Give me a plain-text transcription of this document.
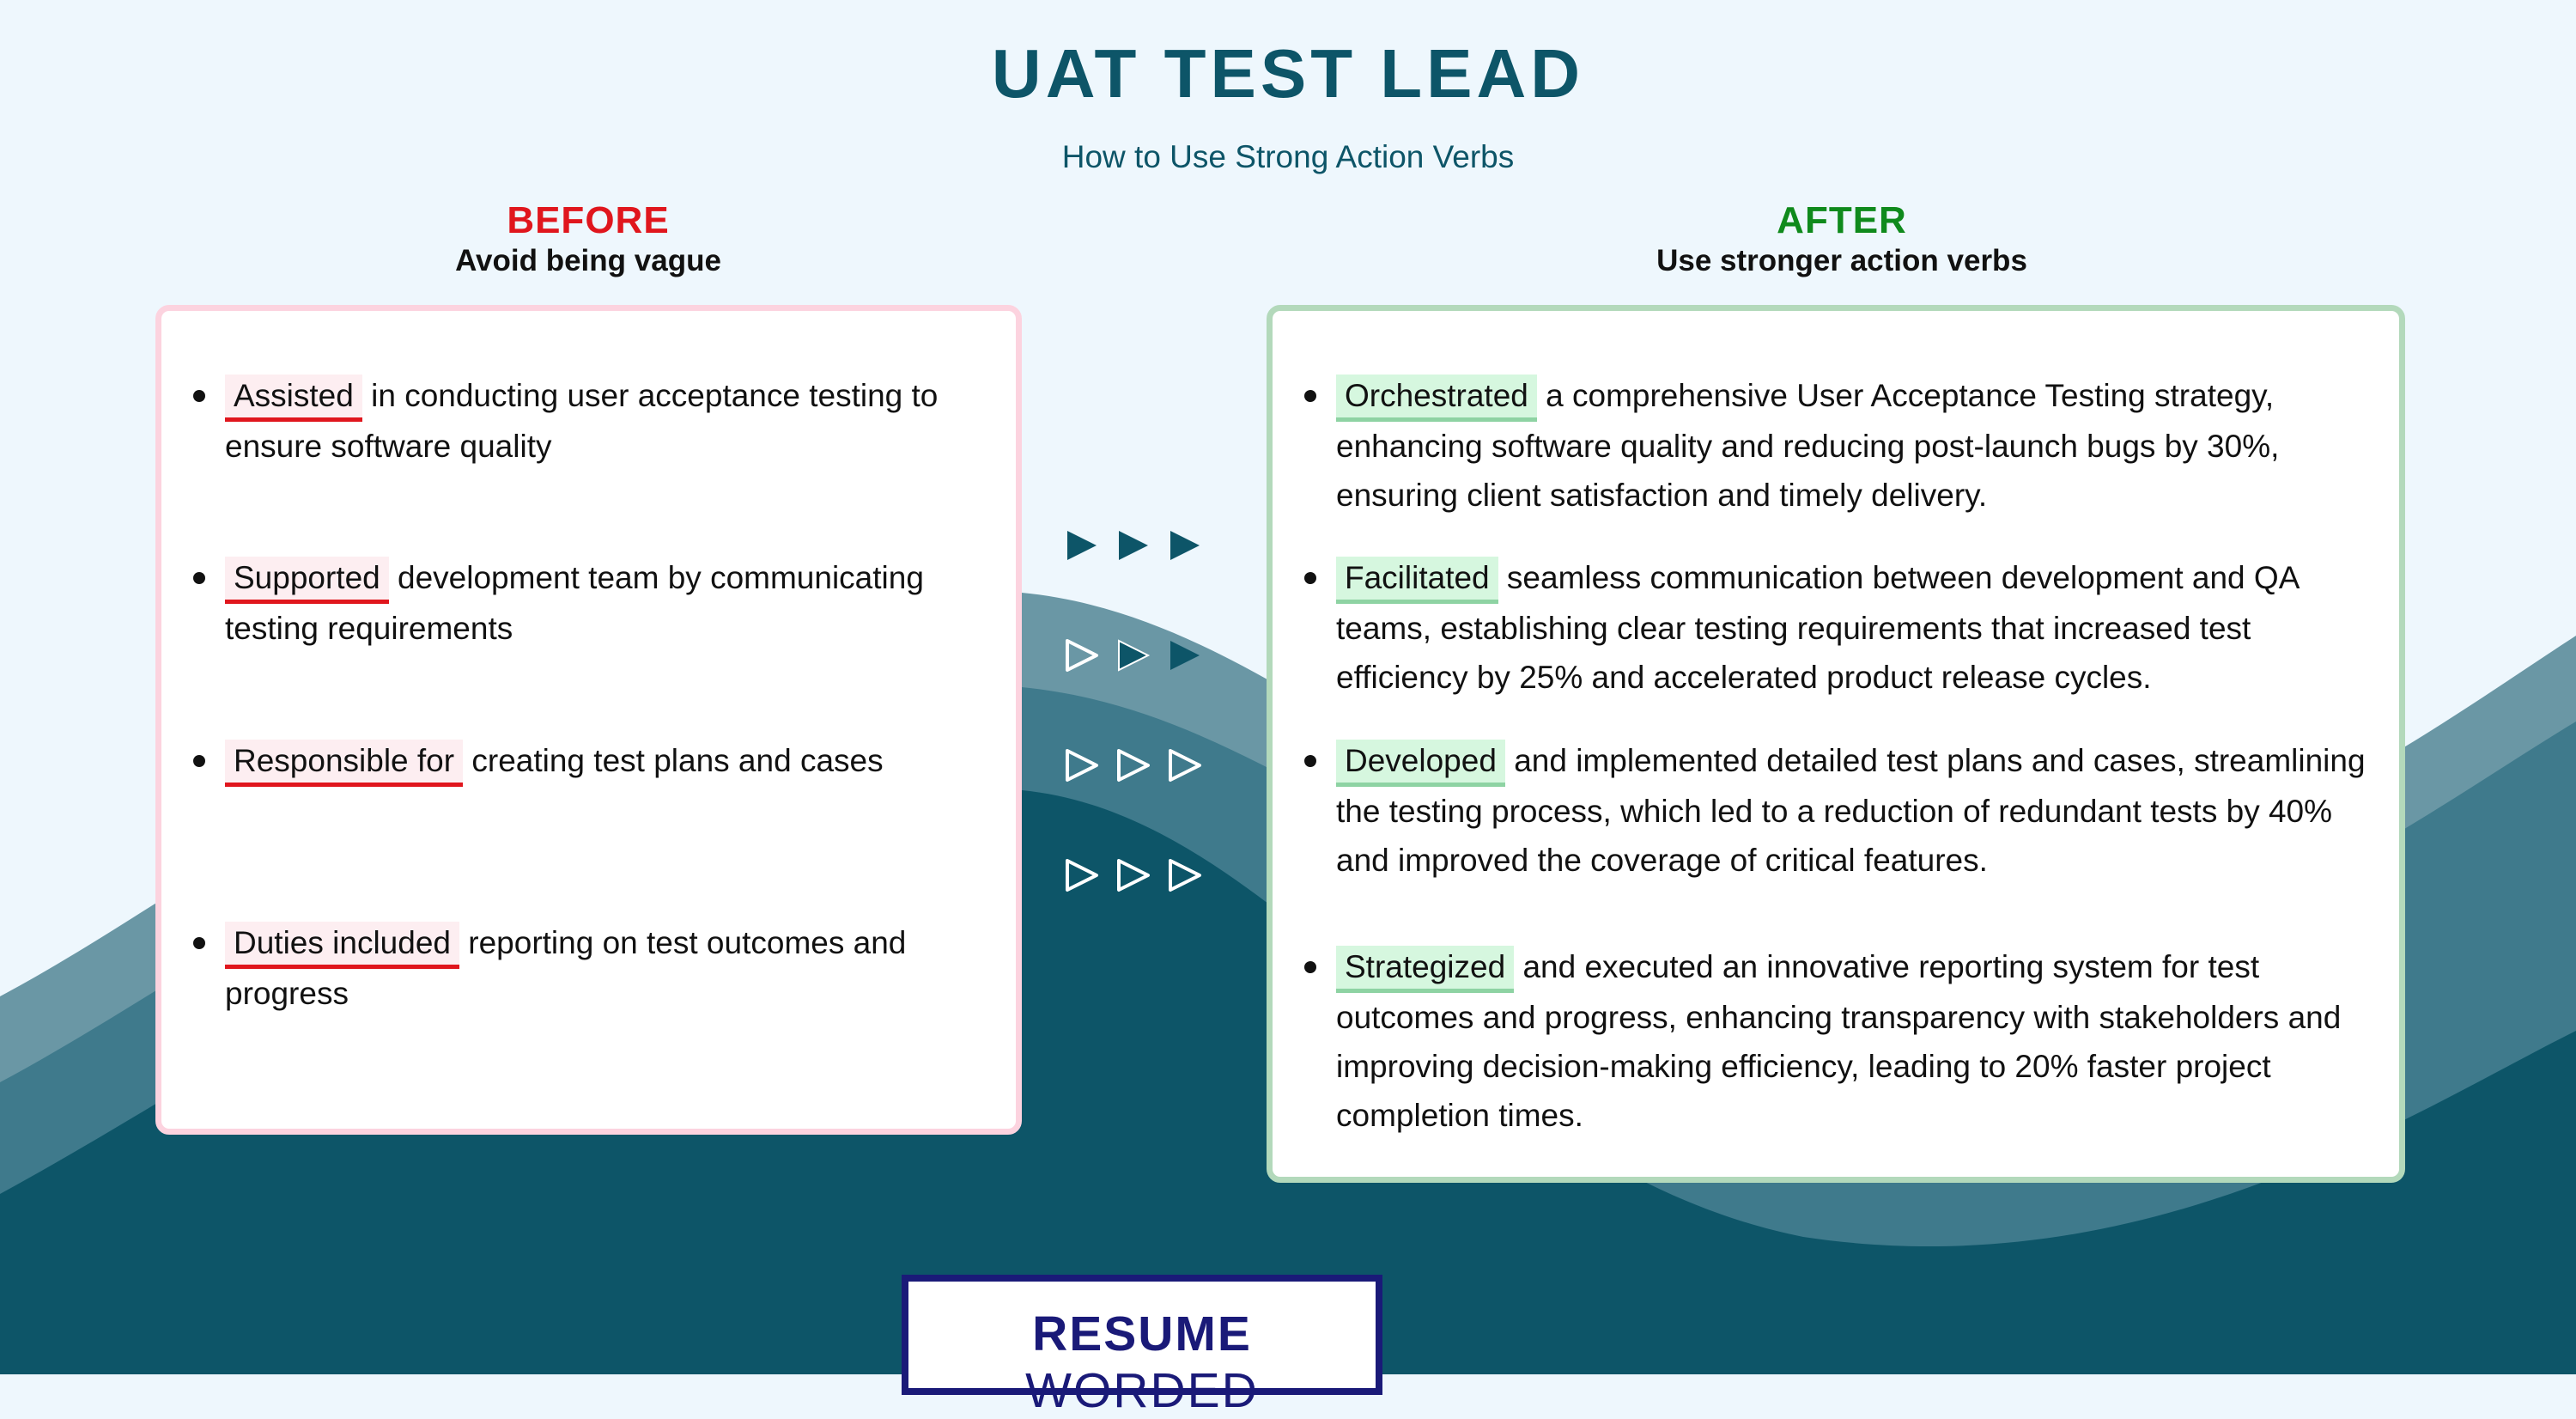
UAT TEST LEAD
How to Use Strong Action Verbs
BEFORE
Avoid being vague
AFTER
Use stronger action verbs
Assisted in conducting user acceptance testing to ensure software quality
Supported development team by communicating testing requirements
Responsible for creating test plans and cases
Duties included reporting on test outcomes and progress
Orchestrated a comprehensive User Acceptance Testing strategy, enhancing software quality and reducing post-launch bugs by 30%, ensuring client satisfaction and timely delivery.
Facilitated seamless communication between development and QA teams, establishing clear testing requirements that increased test efficiency by 25% and accelerated product release cycles.
Developed and implemented detailed test plans and cases, streamlining the testing process, which led to a reduction of redundant tests by 40% and improved the coverage of critical features.
Strategized and executed an innovative reporting system for test outcomes and progress, enhancing transparency with stakeholders and improving decision-making efficiency, leading to 20% faster project completion times.
RESUME WORDED
